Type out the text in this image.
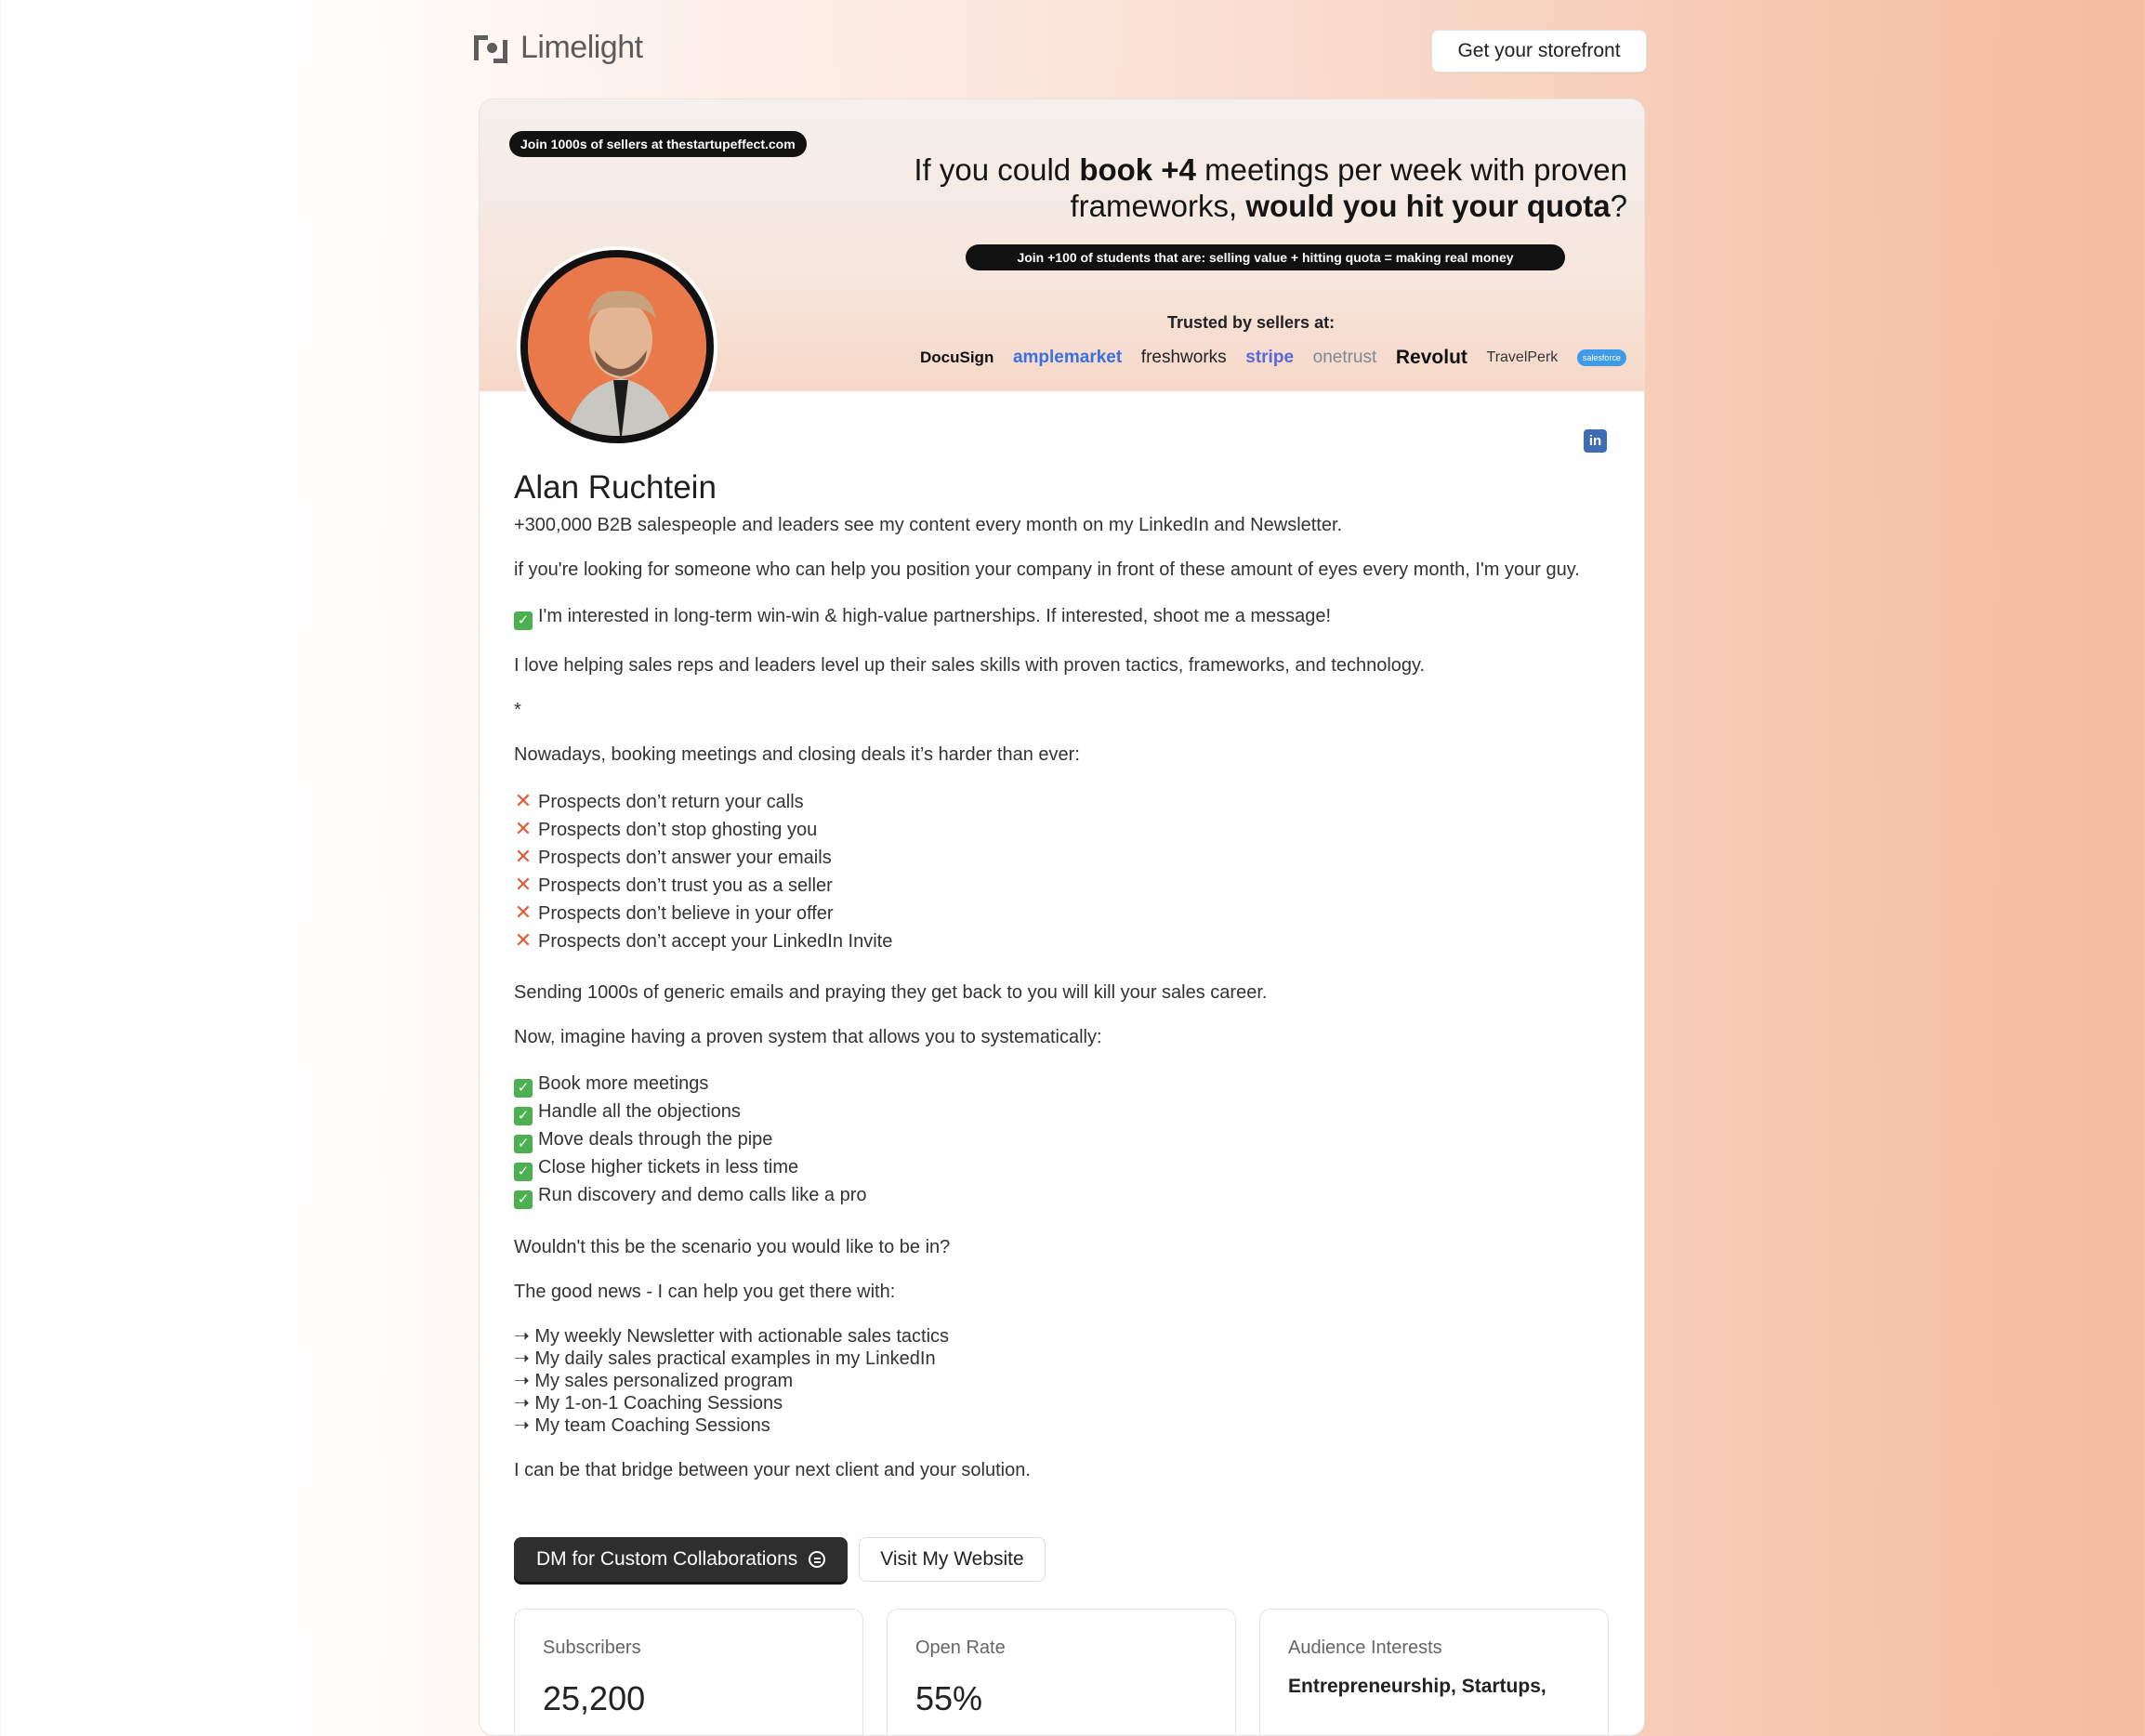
Limelight	Get your storefront
Join 1000s of sellers at thestartupeffect.com
If you could book +4 meetings per week with proven frameworks, would you hit your quota?
Join +100 of students that are: selling value + hitting quota = making real money
Trusted by sellers at:
DocuSign amplemarket freshworks stripe onetrust Revolut TravelPerk	salesforce
in
Alan Ruchtein

+300,000 B2B salespeople and leaders see my content every month on my LinkedIn and Newsletter.

if you're looking for someone who can help you position your company in front of these amount of eyes every month, I'm your guy.

✓ I'm interested in long-term win-win & high-value partnerships. If interested, shoot me a message!

I love helping sales reps and leaders level up their sales skills with proven tactics, frameworks, and technology.

*

Nowadays, booking meetings and closing deals it’s harder than ever:

✕ Prospects don’t return your calls
✕ Prospects don’t stop ghosting you
✕ Prospects don’t answer your emails
✕ Prospects don’t trust you as a seller
✕ Prospects don’t believe in your offer
✕ Prospects don’t accept your LinkedIn Invite

Sending 1000s of generic emails and praying they get back to you will kill your sales career.

Now, imagine having a proven system that allows you to systematically:

✓ Book more meetings
✓ Handle all the objections
✓ Move deals through the pipe
✓ Close higher tickets in less time
✓ Run discovery and demo calls like a pro

Wouldn't this be the scenario you would like to be in?

The good news - I can help you get there with:

➝ My weekly Newsletter with actionable sales tactics
➝ My daily sales practical examples in my LinkedIn
➝ My sales personalized program
➝ My 1-on-1 Coaching Sessions
➝ My team Coaching Sessions

I can be that bridge between your next client and your solution.

DM for Custom Collaborations	Visit My Website
Subscribers
25,200
Open Rate
55%
Audience Interests
Entrepreneurship, Startups,
